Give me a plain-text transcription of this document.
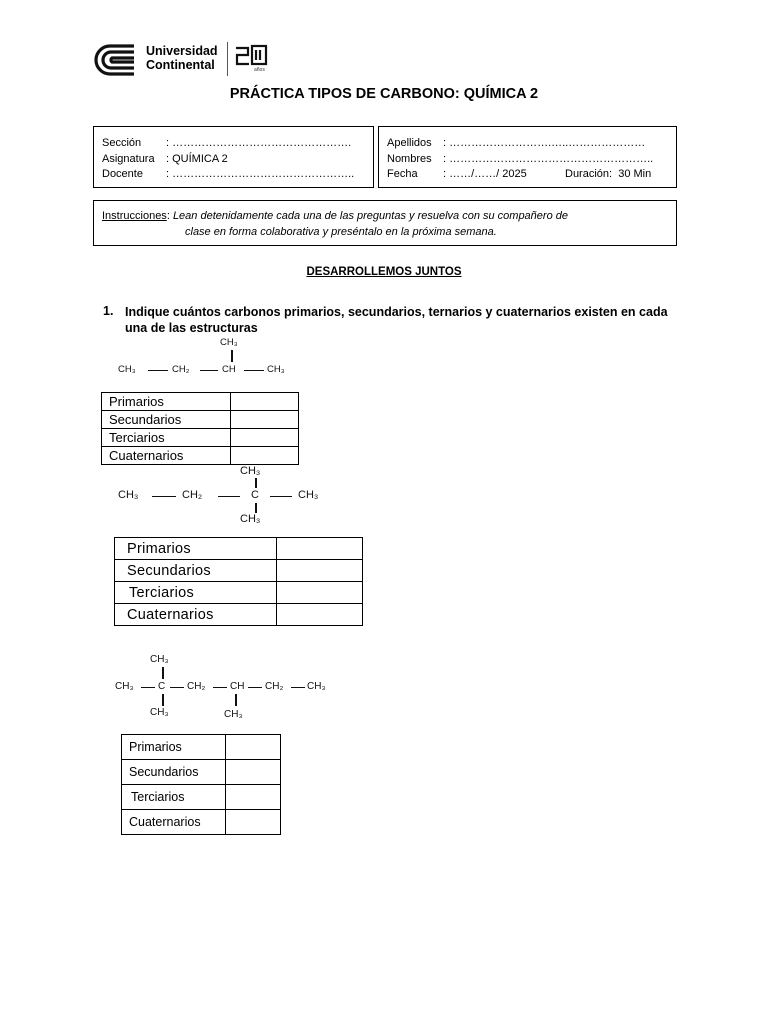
Universidad
Continental	años
PRÁCTICA TIPOS DE CARBONO: QUÍMICA 2
Sección : ………………………………………….
Asignatura : QUÍMICA 2
Docente : …………………………………………..
Apellidos : ……………………….…..…………………
Nombres : ………………………………………………..
Fecha : ……/……/ 2025	Duración: 30 Min
Instrucciones: Lean detenidamente cada una de las preguntas y resuelva con su compañero de
clase en forma colaborativa y preséntalo en la próxima semana.
DESARROLLEMOS JUNTOS
1. Indique cuántos carbonos primarios, secundarios, ternarios y cuaternarios existen en cada una de las estructuras
CH₃
CH₃	CH₂	CH	CH₃
Primarios	
Secundarios	
Terciarios	
Cuaternarios	
CH₃
CH₃	CH₂	C	CH₃
CH₃
Primarios	
Secundarios	
Terciarios	
Cuaternarios	
CH₃
CH₃ C CH₂ CH CH₂ CH₃
CH₃	CH₃
Primarios	
Secundarios	
Terciarios	
Cuaternarios	
